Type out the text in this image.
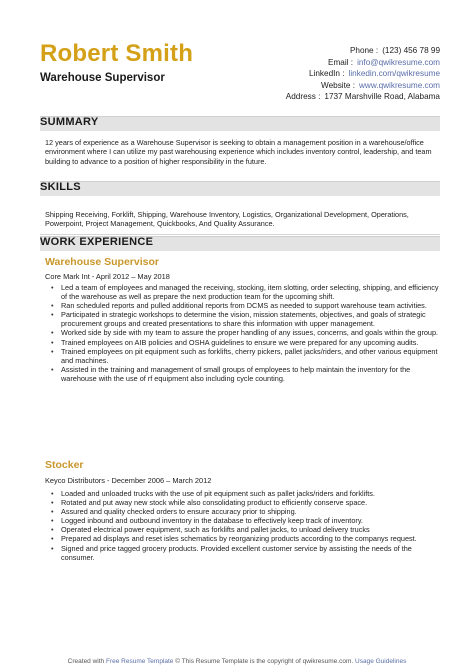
Robert Smith
Warehouse Supervisor
Phone : (123) 456 78 99
Email : info@qwikresume.com
LinkedIn : linkedin.com/qwikresume
Website : www.qwikresume.com
Address : 1737 Marshville Road, Alabama
SUMMARY
12 years of experience as a Warehouse Supervisor is seeking to obtain a management position in a warehouse/office environment where I can utilize my past warehousing experience which includes inventory control, leadership, and team building to advance to a position of higher responsibility in the future.
SKILLS
Shipping Receiving, Forklift, Shipping, Warehouse Inventory, Logistics, Organizational Development, Operations, Powerpoint, Project Management, Quickbooks, And Quality Assurance.
WORK EXPERIENCE
Warehouse Supervisor
Core Mark Int - April 2012 – May 2018
• Led a team of employees and managed the receiving, stocking, item slotting, order selecting, shipping, and efficiency of the warehouse as well as prepare the next production team for the upcoming shift.
• Ran scheduled reports and pulled additional reports from DCMS as needed to support warehouse team activities.
• Participated in strategic workshops to determine the vision, mission statements, objectives, and goals of strategic procurement groups and created presentations to share this information with upper management.
• Worked side by side with my team to assure the proper handling of any issues, concerns, and goals within the group.
• Trained employees on AIB policies and OSHA guidelines to ensure we were prepared for any upcoming audits.
• Trained employees on pit equipment such as forklifts, cherry pickers, pallet jacks/riders, and other various equipment and machines.
• Assisted in the training and management of small groups of employees to help maintain the inventory for the warehouse with the use of rf equipment also including cycle counting.
Stocker
Keyco Distributors - December 2006 – March 2012
• Loaded and unloaded trucks with the use of pit equipment such as pallet jacks/riders and forklifts.
• Rotated and put away new stock while also consolidating product to efficiently conserve space.
• Assured and quality checked orders to ensure accuracy prior to shipping.
• Logged inbound and outbound inventory in the database to effectively keep track of inventory.
• Operated electrical power equipment, such as forklifts and pallet jacks, to unload delivery trucks
• Prepared ad displays and reset isles schematics by reorganizing products according to the companys request.
• Signed and price tagged grocery products. Provided excellent customer service by assisting the needs of the consumer.
Created with Free Resume Template © This Resume Template is the copyright of qwikresume.com. Usage Guidelines
